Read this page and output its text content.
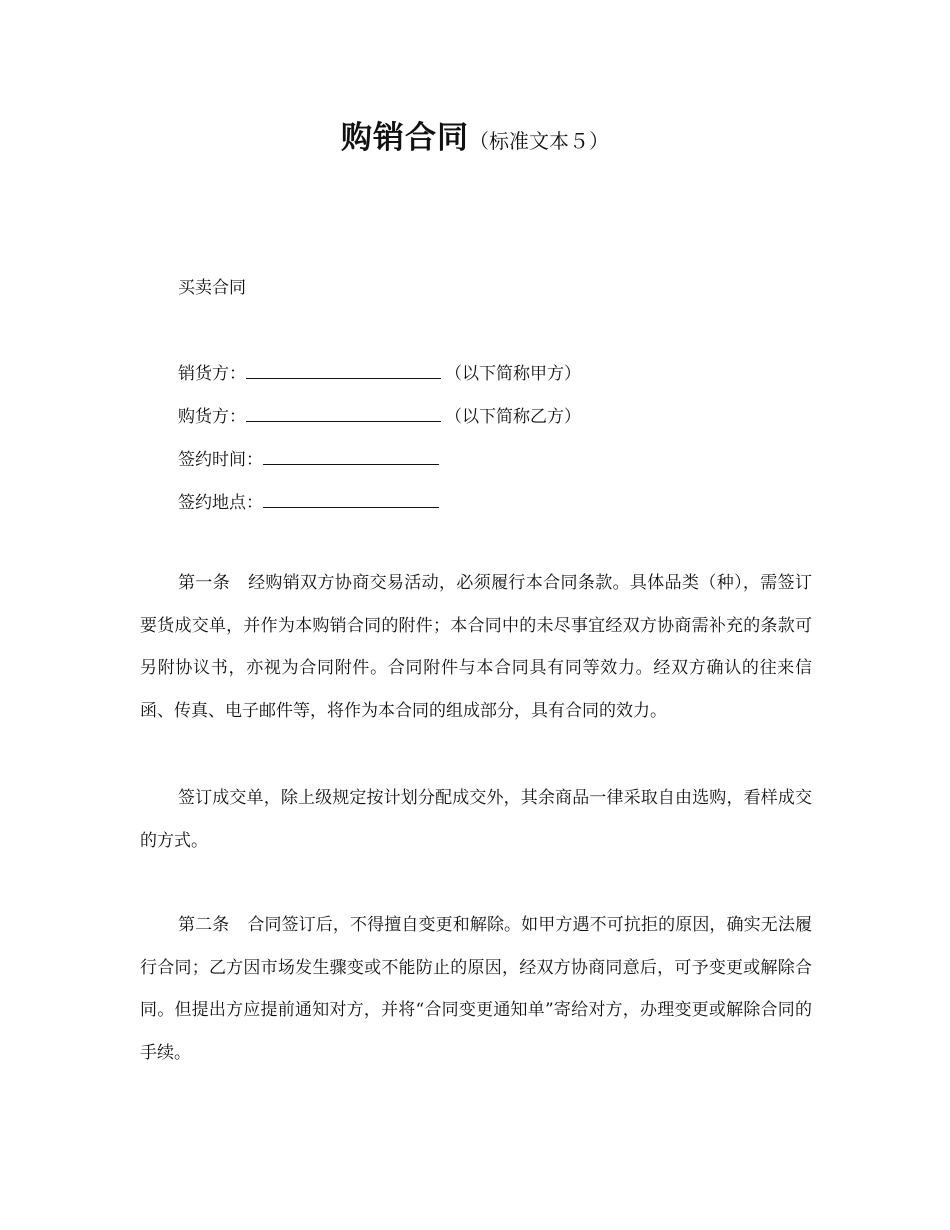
购销合同（标准文本５）
买卖合同
销货方：	（以下简称甲方）
购货方：	（以下简称乙方）
签约时间：
签约地点：
第一条 经购销双方协商交易活动，必须履行本合同条款。具体品类（种），需签订要货成交单，并作为本购销合同的附件；本合同中的未尽事宜经双方协商需补充的条款可另附协议书，亦视为合同附件。合同附件与本合同具有同等效力。经双方确认的往来信函、传真、电子邮件等，将作为本合同的组成部分，具有合同的效力。
签订成交单，除上级规定按计划分配成交外，其余商品一律采取自由选购，看样成交的方式。
第二条 合同签订后，不得擅自变更和解除。如甲方遇不可抗拒的原因，确实无法履行合同；乙方因市场发生骤变或不能防止的原因，经双方协商同意后，可予变更或解除合同。但提出方应提前通知对方，并将“合同变更通知单”寄给对方，办理变更或解除合同的手续。
